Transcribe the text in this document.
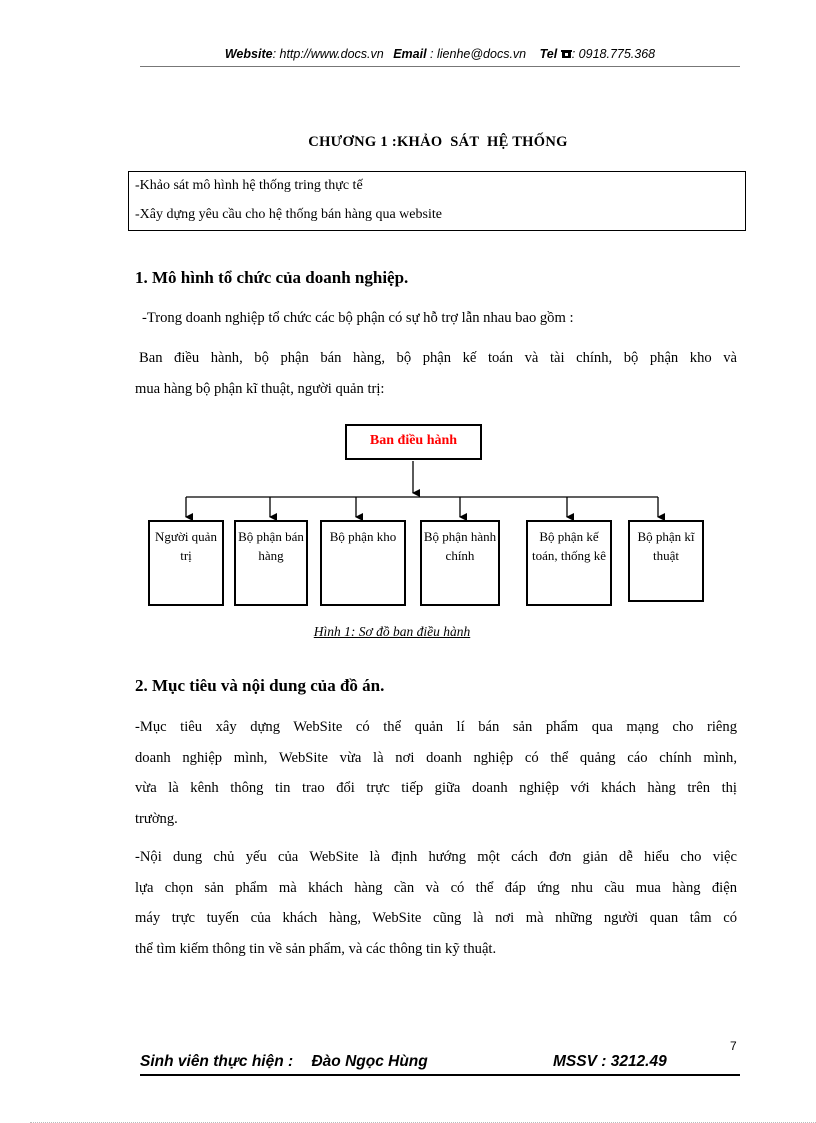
Website: http://www.docs.vn Email : lienhe@docs.vn Tel : 0918.775.368
CHƯƠNG 1 :KHẢO  SÁT  HỆ THỐNG
-Khảo sát mô hình hệ thống tring thực tế
-Xây dựng yêu cầu cho hệ thống bán hàng qua website
1. Mô hình tổ chức của doanh nghiệp.
-Trong doanh nghiệp tổ chức các bộ phận có sự hỗ trợ lẫn nhau bao gồm :
Ban điều hành, bộ phận bán hàng, bộ phận kế toán và tài chính, bộ phận kho và
mua hàng bộ phận kĩ thuật, người quản trị:
Ban điều hành
Người quản trị
Bộ phận bán hàng
Bộ phận kho	Bộ phận hành chính
Bộ phận kế toán, thống kê
Bộ phận kĩ thuật
Hình 1: Sơ đồ ban điều hành
2. Mục tiêu và nội dung của đồ án.
-Mục tiêu xây dựng WebSite có thể quản lí bán sản phẩm qua mạng cho riêng
doanh nghiệp mình, WebSite vừa là nơi doanh nghiệp có thể quảng cáo chính mình,
vừa là kênh thông tin trao đổi trực tiếp giữa doanh nghiệp với khách hàng trên thị
trường.
-Nội dung chủ yếu của WebSite là định hướng một cách đơn giản dễ hiểu cho việc
lựa chọn sản phẩm mà khách hàng cần và có thể đáp ứng nhu cầu mua hàng điện
máy trực tuyến của khách hàng, WebSite cũng là nơi mà những người quan tâm có
thể tìm kiếm thông tin về sản phẩm, và các thông tin kỹ thuật.
7
Sinh viên thực hiện : Đào Ngọc Hùng	MSSV : 3212.49
